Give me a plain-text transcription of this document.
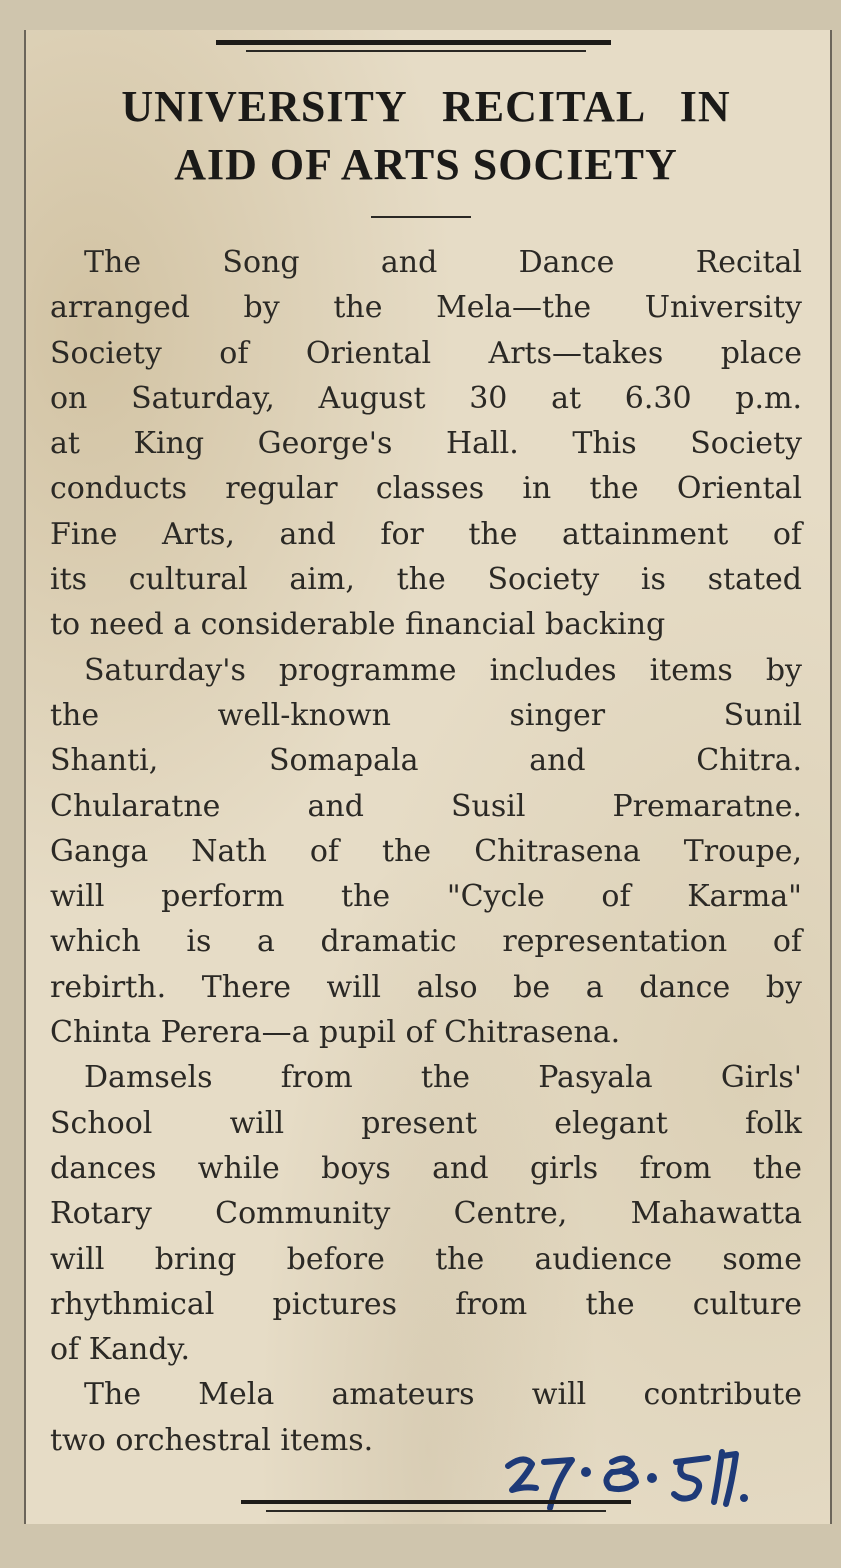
UNIVERSITY RECITAL IN
AID OF ARTS SOCIETY
The Song and Dance Recital
arranged by the Mela—the University
Society of Oriental Arts—takes place
on Saturday, August 30 at 6.30 p.m.
at King George's Hall. This Society
conducts regular classes in the Oriental
Fine Arts, and for the attainment of
its cultural aim, the Society is stated
to need a considerable financial backing
Saturday's programme includes items by
the well-known singer Sunil
Shanti, Somapala and Chitra.
Chularatne and Susil Premaratne.
Ganga Nath of the Chitrasena Troupe,
will perform the "Cycle of Karma"
which is a dramatic representation of
rebirth. There will also be a dance by
Chinta Perera—a pupil of Chitrasena.
Damsels from the Pasyala Girls'
School will present elegant folk
dances while boys and girls from the
Rotary Community Centre, Mahawatta
will bring before the audience some
rhythmical pictures from the culture
of Kandy.
The Mela amateurs will contribute
two orchestral items.
